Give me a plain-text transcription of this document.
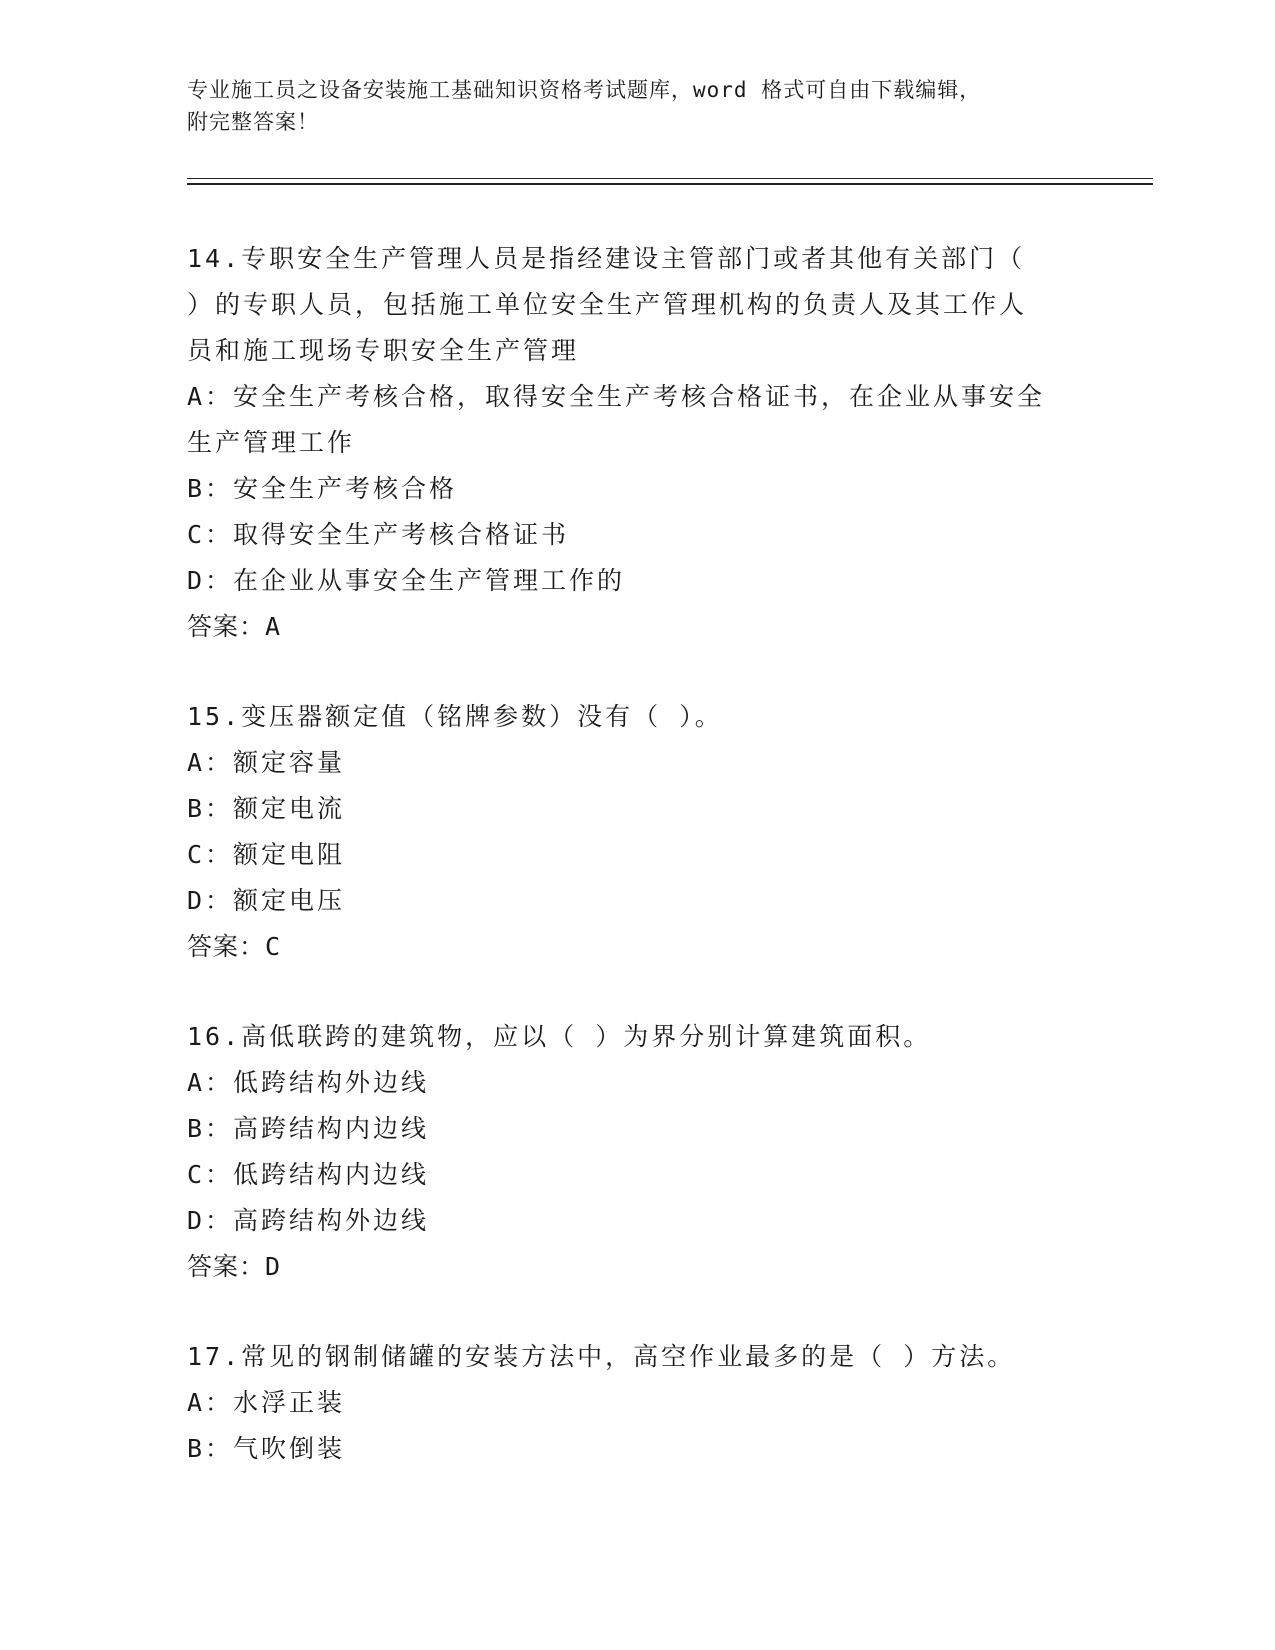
专业施工员之设备安装施工基础知识资格考试题库，word 格式可自由下载编辑，
附完整答案！
14.专职安全生产管理人员是指经建设主管部门或者其他有关部门（
）的专职人员，包括施工单位安全生产管理机构的负责人及其工作人
员和施工现场专职安全生产管理
A：安全生产考核合格，取得安全生产考核合格证书，在企业从事安全
生产管理工作
B：安全生产考核合格
C：取得安全生产考核合格证书
D：在企业从事安全生产管理工作的
答案：A
15.变压器额定值（铭牌参数）没有（ ）。
A：额定容量
B：额定电流
C：额定电阻
D：额定电压
答案：C
16.高低联跨的建筑物，应以（ ）为界分别计算建筑面积。
A：低跨结构外边线
B：高跨结构内边线
C：低跨结构内边线
D：高跨结构外边线
答案：D
17.常见的钢制储罐的安装方法中，高空作业最多的是（ ）方法。
A：水浮正装
B：气吹倒装
